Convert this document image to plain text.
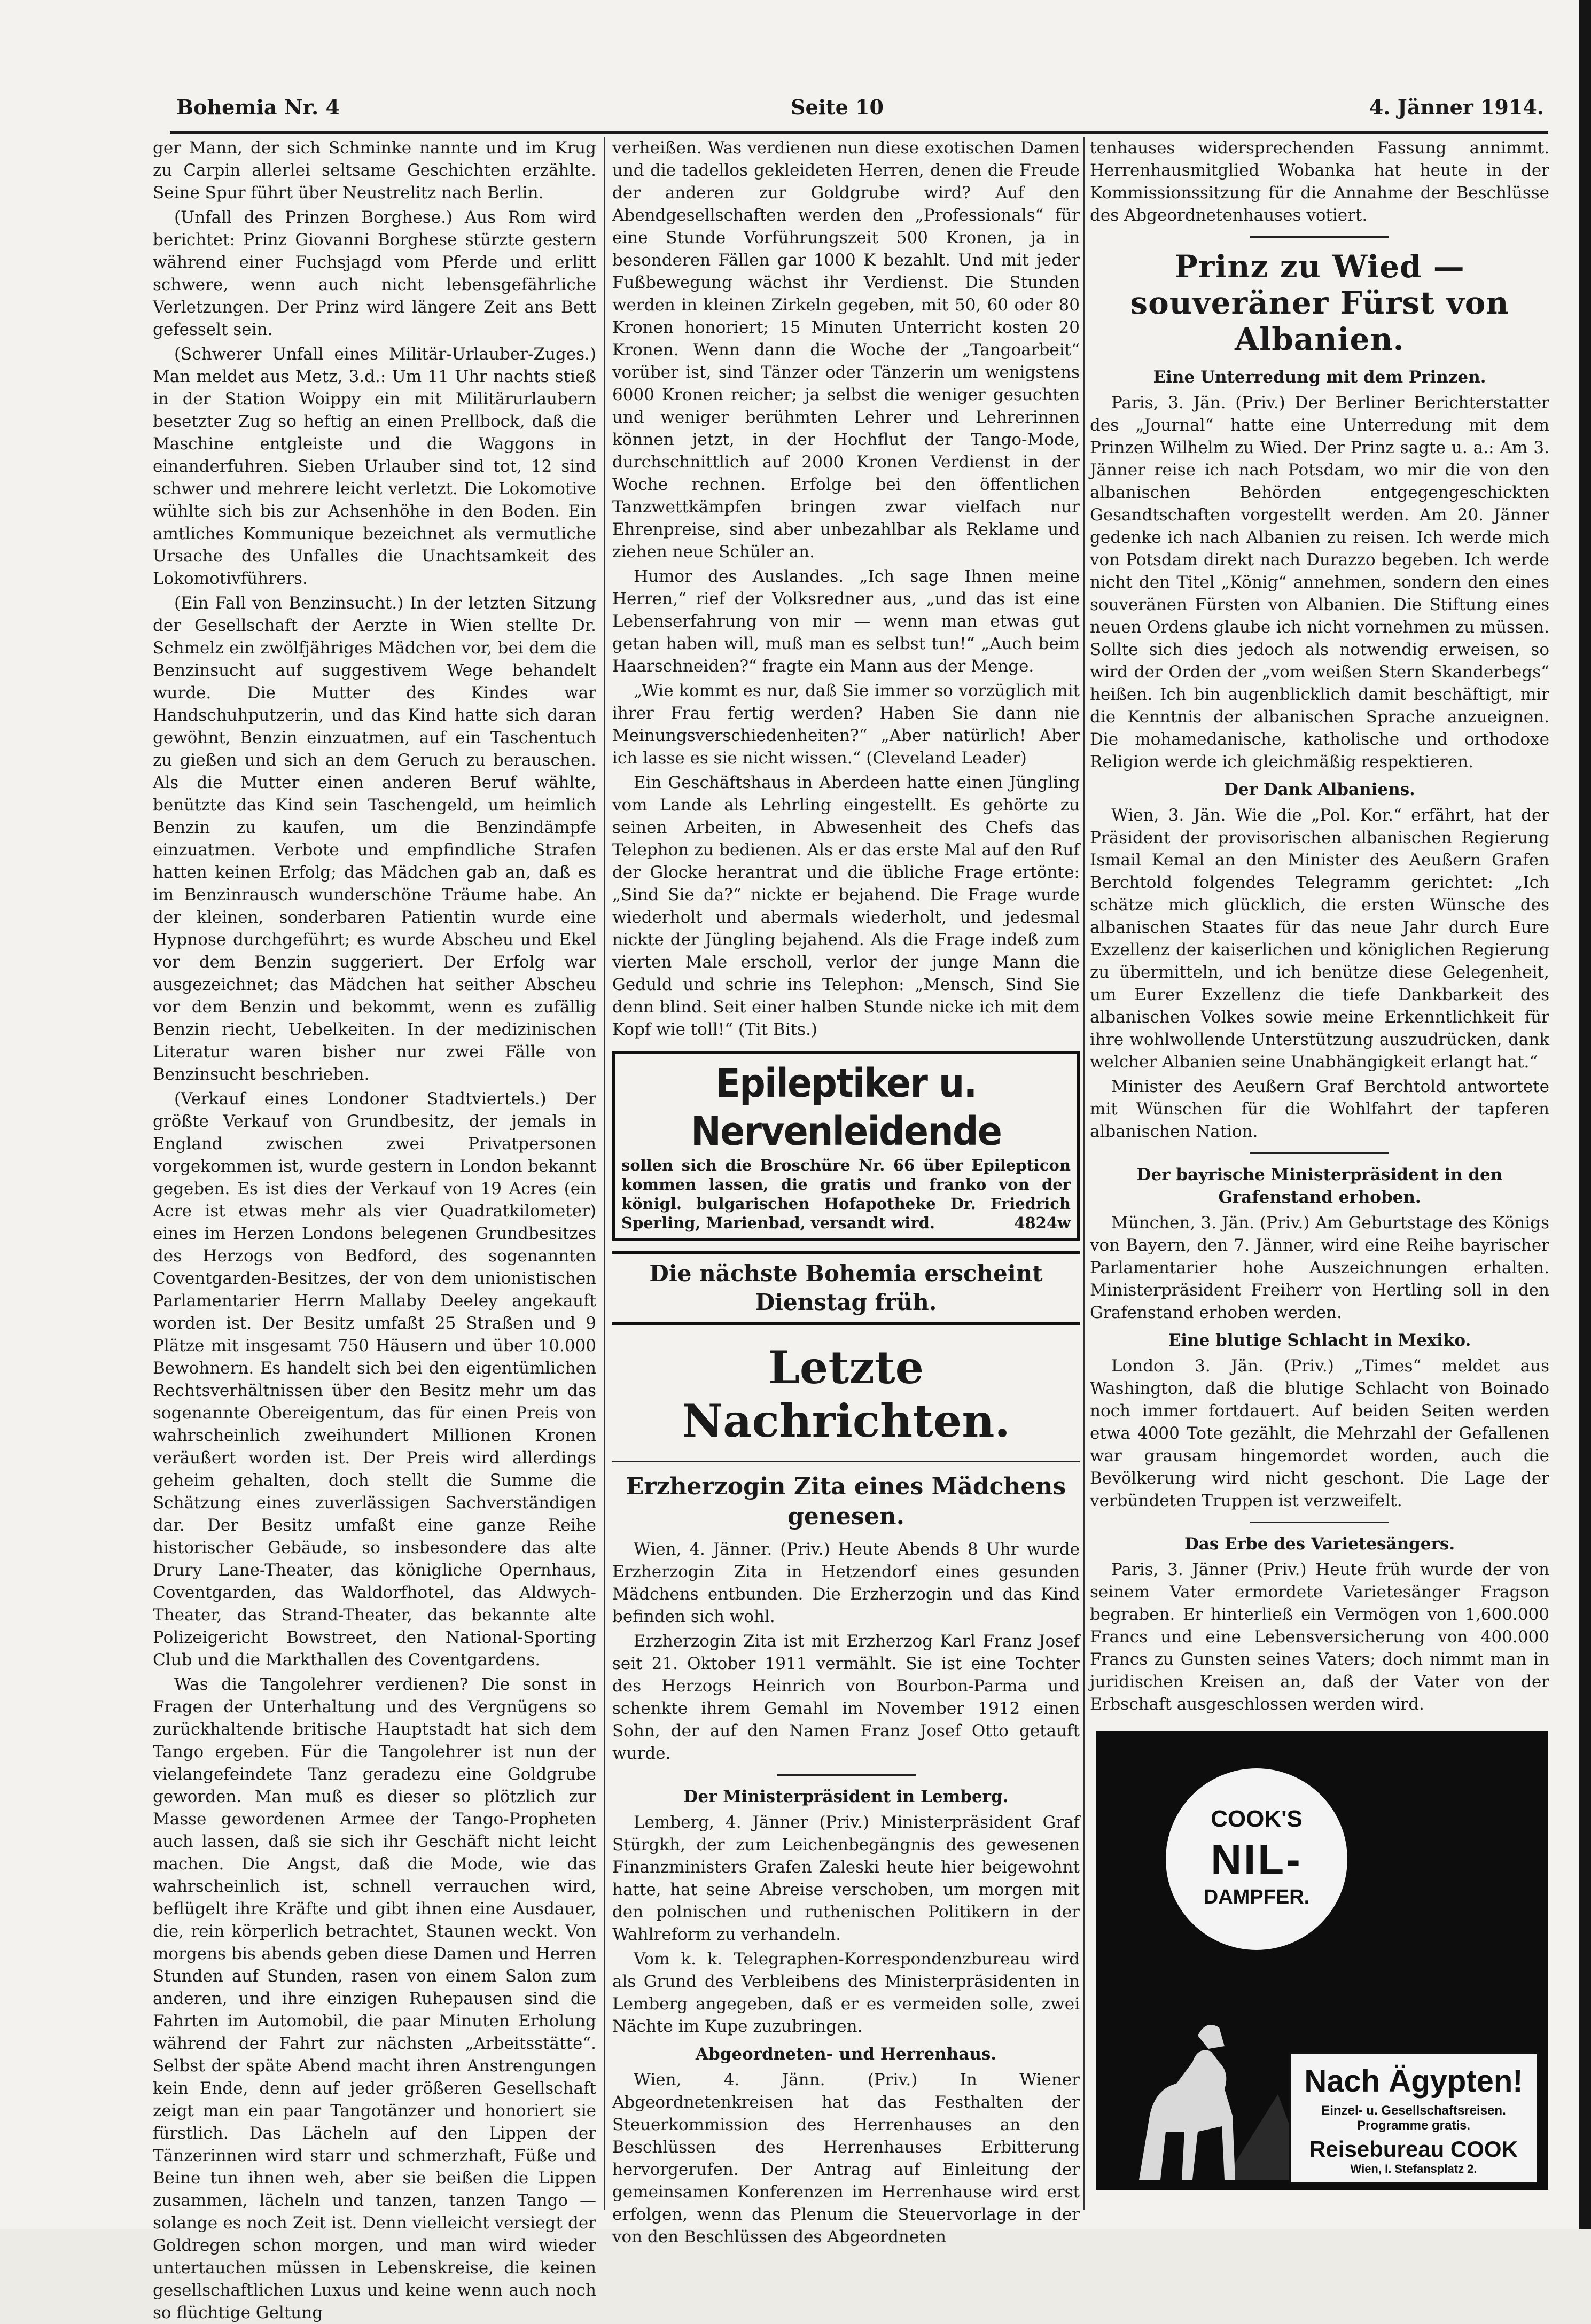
Bohemia Nr. 4	Seite 10	4. Jänner 1914.

ger Mann, der sich Schminke nannte und im Krug zu Carpin allerlei seltsame Geschichten erzählte. Seine Spur führt über Neustrelitz nach Berlin.

(Unfall des Prinzen Borghese.) Aus Rom wird berichtet: Prinz Giovanni Borghese stürzte gestern während einer Fuchsjagd vom Pferde und erlitt schwere, wenn auch nicht lebensgefährliche Verletzungen. Der Prinz wird längere Zeit ans Bett gefesselt sein.

(Schwerer Unfall eines Militär-Urlauber-Zuges.) Man meldet aus Metz, 3.d.: Um 11 Uhr nachts stieß in der Station Woippy ein mit Militärurlaubern besetzter Zug so heftig an einen Prellbock, daß die Maschine entgleiste und die Waggons in einanderfuhren. Sieben Urlauber sind tot, 12 sind schwer und mehrere leicht verletzt. Die Lokomotive wühlte sich bis zur Achsenhöhe in den Boden. Ein amtliches Kommunique bezeichnet als vermutliche Ursache des Unfalles die Unachtsamkeit des Lokomotivführers.

(Ein Fall von Benzinsucht.) In der letzten Sitzung der Gesellschaft der Aerzte in Wien stellte Dr. Schmelz ein zwölfjähriges Mädchen vor, bei dem die Benzinsucht auf suggestivem Wege behandelt wurde. Die Mutter des Kindes war Handschuhputzerin, und das Kind hatte sich daran gewöhnt, Benzin einzuatmen, auf ein Taschentuch zu gießen und sich an dem Geruch zu berauschen. Als die Mutter einen anderen Beruf wählte, benützte das Kind sein Taschengeld, um heimlich Benzin zu kaufen, um die Benzindämpfe einzuatmen. Verbote und empfindliche Strafen hatten keinen Erfolg; das Mädchen gab an, daß es im Benzinrausch wunderschöne Träume habe. An der kleinen, sonderbaren Patientin wurde eine Hypnose durchgeführt; es wurde Abscheu und Ekel vor dem Benzin suggeriert. Der Erfolg war ausgezeichnet; das Mädchen hat seither Abscheu vor dem Benzin und bekommt, wenn es zufällig Benzin riecht, Uebelkeiten. In der medizinischen Literatur waren bisher nur zwei Fälle von Benzinsucht beschrieben.

(Verkauf eines Londoner Stadtviertels.) Der größte Verkauf von Grundbesitz, der jemals in England zwischen zwei Privatpersonen vorgekommen ist, wurde gestern in London bekannt gegeben. Es ist dies der Verkauf von 19 Acres (ein Acre ist etwas mehr als vier Quadratkilometer) eines im Herzen Londons belegenen Grundbesitzes des Herzogs von Bedford, des sogenannten Coventgarden-Besitzes, der von dem unionistischen Parlamentarier Herrn Mallaby Deeley angekauft worden ist. Der Besitz umfaßt 25 Straßen und 9 Plätze mit insgesamt 750 Häusern und über 10.000 Bewohnern. Es handelt sich bei den eigentümlichen Rechtsverhältnissen über den Besitz mehr um das sogenannte Obereigentum, das für einen Preis von wahrscheinlich zweihundert Millionen Kronen veräußert worden ist. Der Preis wird allerdings geheim gehalten, doch stellt die Summe die Schätzung eines zuverlässigen Sachverständigen dar. Der Besitz umfaßt eine ganze Reihe historischer Gebäude, so insbesondere das alte Drury Lane-Theater, das königliche Opernhaus, Coventgarden, das Waldorfhotel, das Aldwych-Theater, das Strand-Theater, das bekannte alte Polizeigericht Bowstreet, den National-Sporting Club und die Markthallen des Coventgardens.

Was die Tangolehrer verdienen? Die sonst in Fragen der Unterhaltung und des Vergnügens so zurückhaltende britische Hauptstadt hat sich dem Tango ergeben. Für die Tangolehrer ist nun der vielangefeindete Tanz geradezu eine Goldgrube geworden. Man muß es dieser so plötzlich zur Masse gewordenen Armee der Tango-Propheten auch lassen, daß sie sich ihr Geschäft nicht leicht machen. Die Angst, daß die Mode, wie das wahrscheinlich ist, schnell verrauchen wird, beflügelt ihre Kräfte und gibt ihnen eine Ausdauer, die, rein körperlich betrachtet, Staunen weckt. Von morgens bis abends geben diese Damen und Herren Stunden auf Stunden, rasen von einem Salon zum anderen, und ihre einzigen Ruhepausen sind die Fahrten im Automobil, die paar Minuten Erholung während der Fahrt zur nächsten „Arbeitsstätte“. Selbst der späte Abend macht ihren Anstrengungen kein Ende, denn auf jeder größeren Gesellschaft zeigt man ein paar Tangotänzer und honoriert sie fürstlich. Das Lächeln auf den Lippen der Tänzerinnen wird starr und schmerzhaft, Füße und Beine tun ihnen weh, aber sie beißen die Lippen zusammen, lächeln und tanzen, tanzen Tango — solange es noch Zeit ist. Denn vielleicht versiegt der Goldregen schon morgen, und man wird wieder untertauchen müssen in Lebenskreise, die keinen gesellschaftlichen Luxus und keine wenn auch noch so flüchtige Geltung

verheißen. Was verdienen nun diese exotischen Damen und die tadellos gekleideten Herren, denen die Freude der anderen zur Goldgrube wird? Auf den Abendgesellschaften werden den „Professionals“ für eine Stunde Vorführungszeit 500 Kronen, ja in besonderen Fällen gar 1000 K bezahlt. Und mit jeder Fußbewegung wächst ihr Verdienst. Die Stunden werden in kleinen Zirkeln gegeben, mit 50, 60 oder 80 Kronen honoriert; 15 Minuten Unterricht kosten 20 Kronen. Wenn dann die Woche der „Tangoarbeit“ vorüber ist, sind Tänzer oder Tänzerin um wenigstens 6000 Kronen reicher; ja selbst die weniger gesuchten und weniger berühmten Lehrer und Lehrerinnen können jetzt, in der Hochflut der Tango-Mode, durchschnittlich auf 2000 Kronen Verdienst in der Woche rechnen. Erfolge bei den öffentlichen Tanzwettkämpfen bringen zwar vielfach nur Ehrenpreise, sind aber unbezahlbar als Reklame und ziehen neue Schüler an.

Humor des Auslandes. „Ich sage Ihnen meine Herren,“ rief der Volksredner aus, „und das ist eine Lebenserfahrung von mir — wenn man etwas gut getan haben will, muß man es selbst tun!“ „Auch beim Haarschneiden?“ fragte ein Mann aus der Menge.

„Wie kommt es nur, daß Sie immer so vorzüglich mit ihrer Frau fertig werden? Haben Sie dann nie Meinungsverschiedenheiten?“ „Aber natürlich! Aber ich lasse es sie nicht wissen.“ (Cleveland Leader)

Ein Geschäftshaus in Aberdeen hatte einen Jüngling vom Lande als Lehrling eingestellt. Es gehörte zu seinen Arbeiten, in Abwesenheit des Chefs das Telephon zu bedienen. Als er das erste Mal auf den Ruf der Glocke herantrat und die übliche Frage ertönte: „Sind Sie da?“ nickte er bejahend. Die Frage wurde wiederholt und abermals wiederholt, und jedesmal nickte der Jüngling bejahend. Als die Frage indeß zum vierten Male erscholl, verlor der junge Mann die Geduld und schrie ins Telephon: „Mensch, Sind Sie denn blind. Seit einer halben Stunde nicke ich mit dem Kopf wie toll!“ (Tit Bits.)

Epileptiker u. Nervenleidende
sollen sich die Broschüre Nr. 66 über Epilepticon kommen lassen, die gratis und franko von der königl. bulgarischen Hofapotheke Dr. Friedrich Sperling, Marienbad, versandt wird.	4824w
Die nächste Bohemia erscheint Dienstag früh.
Letzte Nachrichten.
Erzherzogin Zita eines Mädchens genesen.

Wien, 4. Jänner. (Priv.) Heute Abends 8 Uhr wurde Erzherzogin Zita in Hetzendorf eines gesunden Mädchens entbunden. Die Erzherzogin und das Kind befinden sich wohl.

Erzherzogin Zita ist mit Erzherzog Karl Franz Josef seit 21. Oktober 1911 vermählt. Sie ist eine Tochter des Herzogs Heinrich von Bourbon-Parma und schenkte ihrem Gemahl im November 1912 einen Sohn, der auf den Namen Franz Josef Otto getauft wurde.

Der Ministerpräsident in Lemberg.

Lemberg, 4. Jänner (Priv.) Ministerpräsident Graf Stürgkh, der zum Leichenbegängnis des gewesenen Finanzministers Grafen Zaleski heute hier beigewohnt hatte, hat seine Abreise verschoben, um morgen mit den polnischen und ruthenischen Politikern in der Wahlreform zu verhandeln.

Vom k. k. Telegraphen-Korrespondenzbureau wird als Grund des Verbleibens des Ministerpräsidenten in Lemberg angegeben, daß er es vermeiden solle, zwei Nächte im Kupe zuzubringen.

Abgeordneten- und Herrenhaus.

Wien, 4. Jänn. (Priv.) In Wiener Abgeordnetenkreisen hat das Festhalten der Steuerkommission des Herrenhauses an den Beschlüssen des Herrenhauses Erbitterung hervorgerufen. Der Antrag auf Einleitung der gemeinsamen Konferenzen im Herrenhause wird erst erfolgen, wenn das Plenum die Steuervorlage in der von den Beschlüssen des Abgeordneten

tenhauses widersprechenden Fassung annimmt. Herrenhausmitglied Wobanka hat heute in der Kommissionssitzung für die Annahme der Beschlüsse des Abgeordnetenhauses votiert.

Prinz zu Wied — souveräner Fürst von Albanien.
Eine Unterredung mit dem Prinzen.

Paris, 3. Jän. (Priv.) Der Berliner Berichterstatter des „Journal“ hatte eine Unterredung mit dem Prinzen Wilhelm zu Wied. Der Prinz sagte u. a.: Am 3. Jänner reise ich nach Potsdam, wo mir die von den albanischen Behörden entgegengeschickten Gesandtschaften vorgestellt werden. Am 20. Jänner gedenke ich nach Albanien zu reisen. Ich werde mich von Potsdam direkt nach Durazzo begeben. Ich werde nicht den Titel „König“ annehmen, sondern den eines souveränen Fürsten von Albanien. Die Stiftung eines neuen Ordens glaube ich nicht vornehmen zu müssen. Sollte sich dies jedoch als notwendig erweisen, so wird der Orden der „vom weißen Stern Skanderbegs“ heißen. Ich bin augenblicklich damit beschäftigt, mir die Kenntnis der albanischen Sprache anzueignen. Die mohamedanische, katholische und orthodoxe Religion werde ich gleichmäßig respektieren.

Der Dank Albaniens.

Wien, 3. Jän. Wie die „Pol. Kor.“ erfährt, hat der Präsident der provisorischen albanischen Regierung Ismail Kemal an den Minister des Aeußern Grafen Berchtold folgendes Telegramm gerichtet: „Ich schätze mich glücklich, die ersten Wünsche des albanischen Staates für das neue Jahr durch Eure Exzellenz der kaiserlichen und königlichen Regierung zu übermitteln, und ich benütze diese Gelegenheit, um Eurer Exzellenz die tiefe Dankbarkeit des albanischen Volkes sowie meine Erkenntlichkeit für ihre wohlwollende Unterstützung auszudrücken, dank welcher Albanien seine Unabhängigkeit erlangt hat.“

Minister des Aeußern Graf Berchtold antwortete mit Wünschen für die Wohlfahrt der tapferen albanischen Nation.

Der bayrische Ministerpräsident in den Grafenstand erhoben.

München, 3. Jän. (Priv.) Am Geburtstage des Königs von Bayern, den 7. Jänner, wird eine Reihe bayrischer Parlamentarier hohe Auszeichnungen erhalten. Ministerpräsident Freiherr von Hertling soll in den Grafenstand erhoben werden.

Eine blutige Schlacht in Mexiko.

London 3. Jän. (Priv.) „Times“ meldet aus Washington, daß die blutige Schlacht von Boinado noch immer fortdauert. Auf beiden Seiten werden etwa 4000 Tote gezählt, die Mehrzahl der Gefallenen war grausam hingemordet worden, auch die Bevölkerung wird nicht geschont. Die Lage der verbündeten Truppen ist verzweifelt.

Das Erbe des Varietesängers.

Paris, 3. Jänner (Priv.) Heute früh wurde der von seinem Vater ermordete Varietesänger Fragson begraben. Er hinterließ ein Vermögen von 1,600.000 Francs und eine Lebensversicherung von 400.000 Francs zu Gunsten seines Vaters; doch nimmt man in juridischen Kreisen an, daß der Vater von der Erbschaft ausgeschlossen werden wird.

COOK'S
NIL-
DAMPFER.
Nach Ägypten!
Einzel- u. Gesellschaftsreisen.
Programme gratis.
Reisebureau COOK
Wien, I. Stefansplatz 2.
